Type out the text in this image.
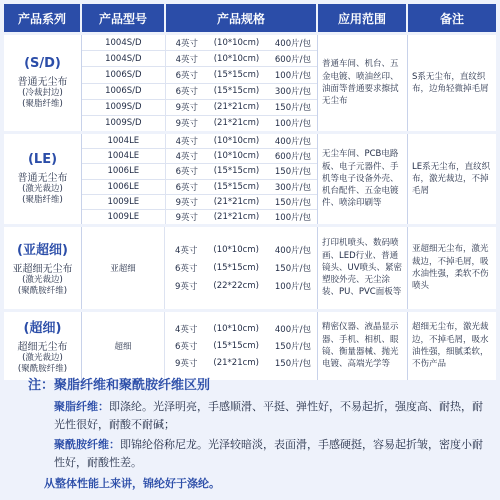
产品系列	产品型号	产品规格	应用范围	备注
(S/D)
普通无尘布
(冷裁封边)
(聚脂纤维)
1004S/D	4英寸 (10*10cm) 400片/包
1004S/D	4英寸 (10*10cm) 600片/包
1006S/D	6英寸 (15*15cm) 100片/包
1006S/D	6英寸 (15*15cm) 300片/包
1009S/D	9英寸 (21*21cm) 150片/包
1009S/D	9英寸 (21*21cm) 100片/包
普通车间、机台、五金电镀、喷油丝印、油面等普通要求擦拭无尘布
S系无尘布，直纹织布，边角轻微掉毛屑
(LE)
普通无尘布
(激光裁边)
(聚脂纤维)
1004LE	4英寸 (10*10cm) 400片/包
1004LE	4英寸 (10*10cm) 600片/包
1006LE	6英寸 (15*15cm) 150片/包
1006LE	6英寸 (15*15cm) 300片/包
1009LE	9英寸 (21*21cm) 150片/包
1009LE	9英寸 (21*21cm) 100片/包
无尘车间、PCB电路板、电子元器件、手机等电子设备外壳、机台配件、五金电镀件、喷涂印刷等
LE系无尘布，直纹织布，激光裁边，不掉毛屑
(亚超细)
亚超细无尘布
(激光裁边)
(聚酰胺纤维)
亚超细
4英寸 (10*10cm) 400片/包
6英寸 (15*15cm) 150片/包
9英寸 (22*22cm) 100片/包
打印机喷头、数码喷画、LED行业、普通镜头、UV喷头、紧密塑胶外壳、无尘涂装、PU、PVC面板等
亚超细无尘布，激光裁边，不掉毛屑，吸水油性强，柔软不伤喷头
(超细)
超细无尘布
(激光裁边)
(聚酰胺纤维)
超细
4英寸 (10*10cm) 400片/包
6英寸 (15*15cm) 150片/包
9英寸 (21*21cm) 150片/包
精密仪器、液晶显示器、手机、相机、眼镜、衡量器械、抛光电镀、高端光学等
超细无尘布，激光裁边，不掉毛屑，吸水油性强，细腻柔软，不伤产品
注：聚脂纤维和聚酰胺纤维区别
聚脂纤维：即涤纶。光泽明亮，手感顺滑、平挺、弹性好，不易起折，强度高、耐热，耐光性很好，耐酸不耐碱；
聚酰胺纤维：即锦纶俗称尼龙。光泽较暗淡，表面滑，手感硬挺，容易起折皱，密度小耐性好，耐酸性差。
从整体性能上来讲，锦纶好于涤纶。
